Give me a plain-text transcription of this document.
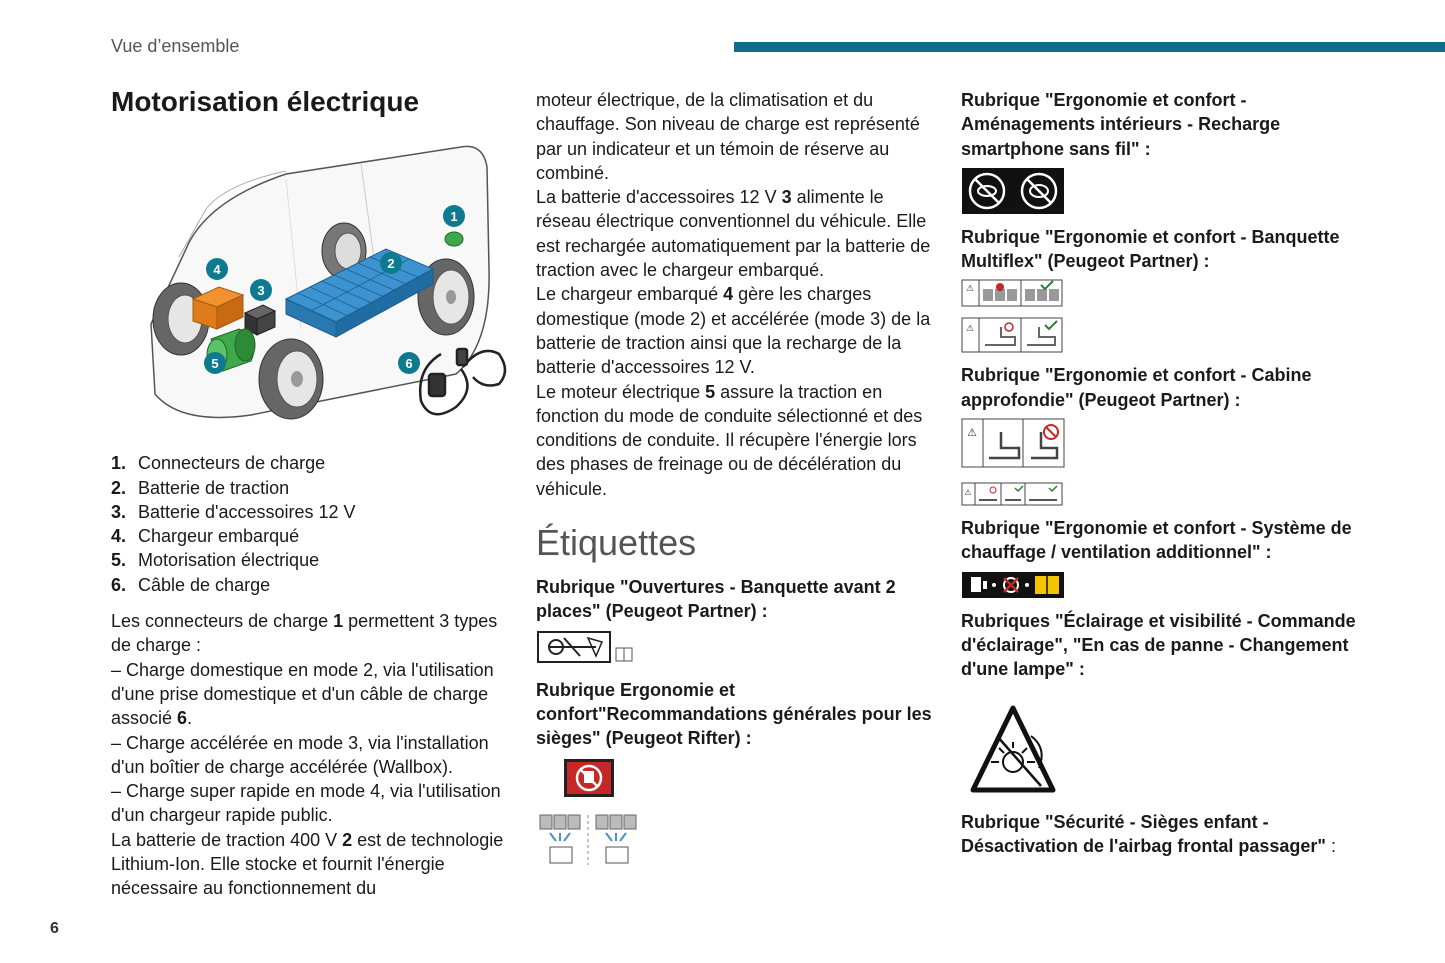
Vue d’ensemble
Motorisation électrique
1
2
3
4
5	6
1. Connecteurs de charge
2. Batterie de traction
3. Batterie d'accessoires 12 V
4. Chargeur embarqué
5. Motorisation électrique
6. Câble de charge

Les connecteurs de charge 1 permettent 3 types de charge :

– Charge domestique en mode 2, via l'utilisation d'une prise domestique et d'un câble de charge associé 6.

– Charge accélérée en mode 3, via l'installation d'un boîtier de charge accélérée (Wallbox).

– Charge super rapide en mode 4, via l'utilisation d'un chargeur rapide public.

La batterie de traction 400 V 2 est de technologie Lithium-Ion. Elle stocke et fournit l'énergie nécessaire au fonctionnement du

moteur électrique, de la climatisation et du chauffage. Son niveau de charge est représenté par un indicateur et un témoin de réserve au combiné.

La batterie d'accessoires 12 V 3 alimente le réseau électrique conventionnel du véhicule. Elle est rechargée automatiquement par la batterie de traction avec le chargeur embarqué.

Le chargeur embarqué 4 gère les charges domestique (mode 2) et accélérée (mode 3) de la batterie de traction ainsi que la recharge de la batterie d'accessoires 12 V.

Le moteur électrique 5 assure la traction en fonction du mode de conduite sélectionné et des conditions de conduite. Il récupère l'énergie lors des phases de freinage ou de décélération du véhicule.

Étiquettes

Rubrique "Ouvertures - Banquette avant 2 places" (Peugeot Partner) :

Rubrique Ergonomie et confort"Recommandations générales pour les sièges" (Peugeot Rifter) :

Rubrique "Ergonomie et confort - Aménagements intérieurs - Recharge smartphone sans fil" :

Rubrique "Ergonomie et confort - Banquette Multiflex" (Peugeot Partner) :

⚠
⚠

Rubrique "Ergonomie et confort - Cabine approfondie" (Peugeot Partner) :

⚠
⚠

Rubrique "Ergonomie et confort - Système de chauffage / ventilation additionnel" :

Rubriques "Éclairage et visibilité - Commande d'éclairage", "En cas de panne - Changement d'une lampe" :

Rubrique "Sécurité - Sièges enfant - Désactivation de l'airbag frontal passager" :

6
